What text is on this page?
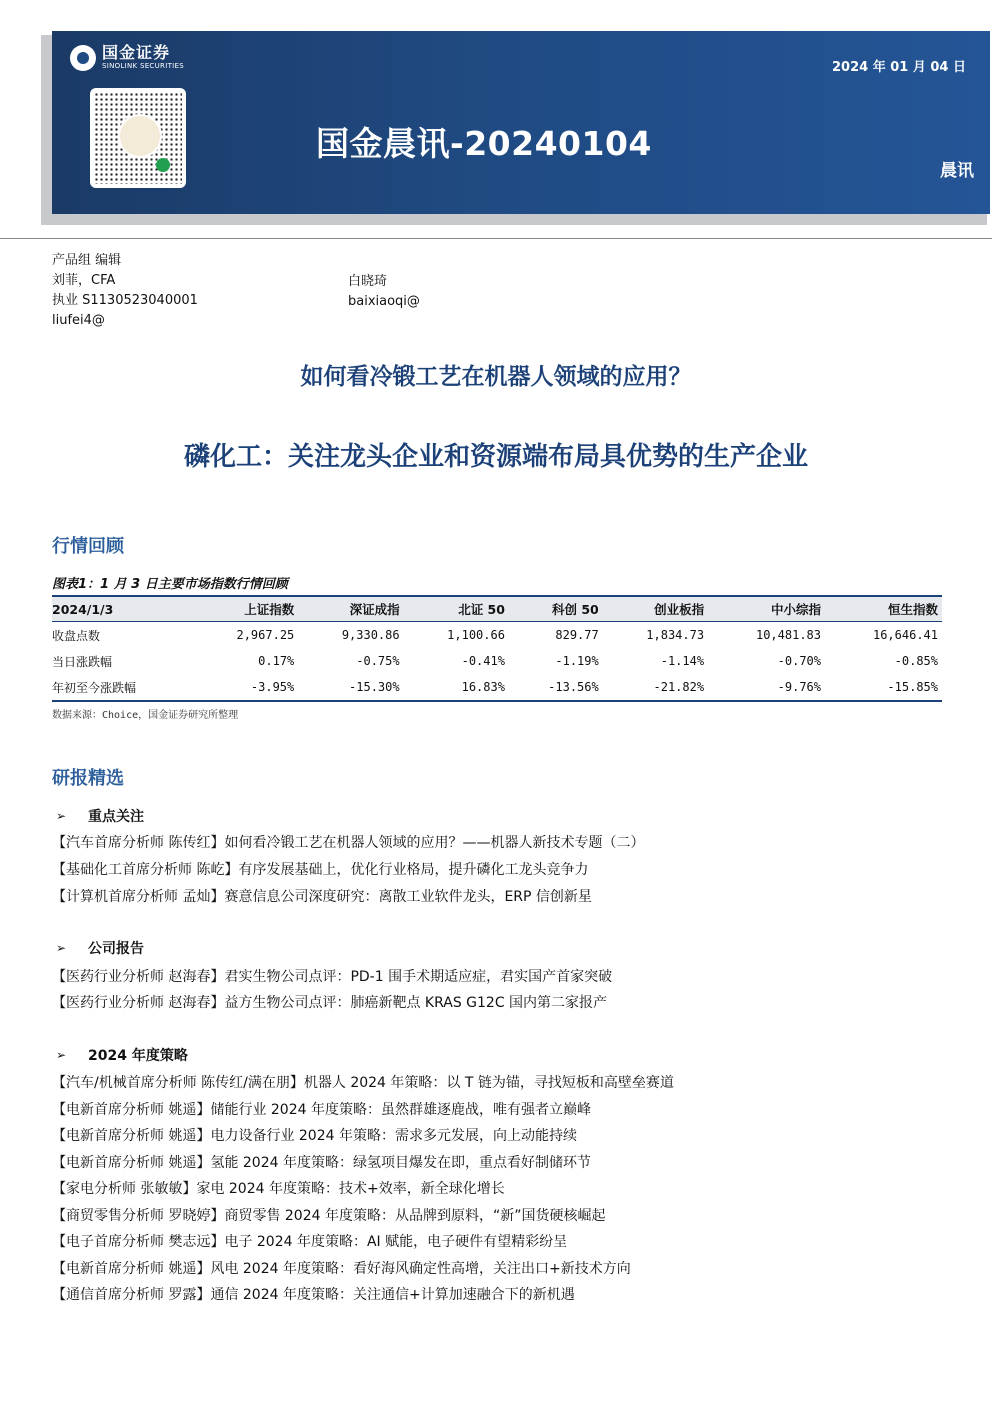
国金证券
SINOLINK SECURITIES	2024 年 01 月 04 日
国金晨讯-20240104
晨讯
产品组 编辑
刘菲，CFA
执业 S1130523040001
liufei4@
白晓琦
baixiaoqi@
如何看冷锻工艺在机器人领域的应用？
磷化工：关注龙头企业和资源端布局具优势的生产企业
行情回顾
图表1：1 月 3 日主要市场指数行情回顾
2024/1/3	上证指数	深证成指	北证 50	科创 50	创业板指	中小综指	恒生指数
收盘点数	2,967.25	9,330.86	1,100.66	829.77	1,834.73	10,481.83	16,646.41
当日涨跌幅	0.17%	-0.75%	-0.41%	-1.19%	-1.14%	-0.70%	-0.85%
年初至今涨跌幅	-3.95%	-15.30%	16.83%	-13.56%	-21.82%	-9.76%	-15.85%
数据来源：Choice，国金证券研究所整理
研报精选
➢	重点关注
【汽车首席分析师 陈传红】如何看冷锻工艺在机器人领域的应用？——机器人新技术专题（二）
【基础化工首席分析师 陈屹】有序发展基础上，优化行业格局，提升磷化工龙头竞争力
【计算机首席分析师 孟灿】赛意信息公司深度研究：离散工业软件龙头，ERP 信创新星
➢	公司报告
【医药行业分析师 赵海春】君实生物公司点评：PD-1 围手术期适应症，君实国产首家突破
【医药行业分析师 赵海春】益方生物公司点评：肺癌新靶点 KRAS G12C 国内第二家报产
➢	2024 年度策略
【汽车/机械首席分析师 陈传红/满在朋】机器人 2024 年策略：以 T 链为锚，寻找短板和高壁垒赛道
【电新首席分析师 姚遥】储能行业 2024 年度策略：虽然群雄逐鹿战，唯有强者立巅峰
【电新首席分析师 姚遥】电力设备行业 2024 年策略：需求多元发展，向上动能持续
【电新首席分析师 姚遥】氢能 2024 年度策略：绿氢项目爆发在即，重点看好制储环节
【家电分析师 张敏敏】家电 2024 年度策略：技术+效率，新全球化增长
【商贸零售分析师 罗晓婷】商贸零售 2024 年度策略：从品牌到原料，“新”国货硬核崛起
【电子首席分析师 樊志远】电子 2024 年度策略：AI 赋能，电子硬件有望精彩纷呈
【电新首席分析师 姚遥】风电 2024 年度策略：看好海风确定性高增，关注出口+新技术方向
【通信首席分析师 罗露】通信 2024 年度策略：关注通信+计算加速融合下的新机遇
